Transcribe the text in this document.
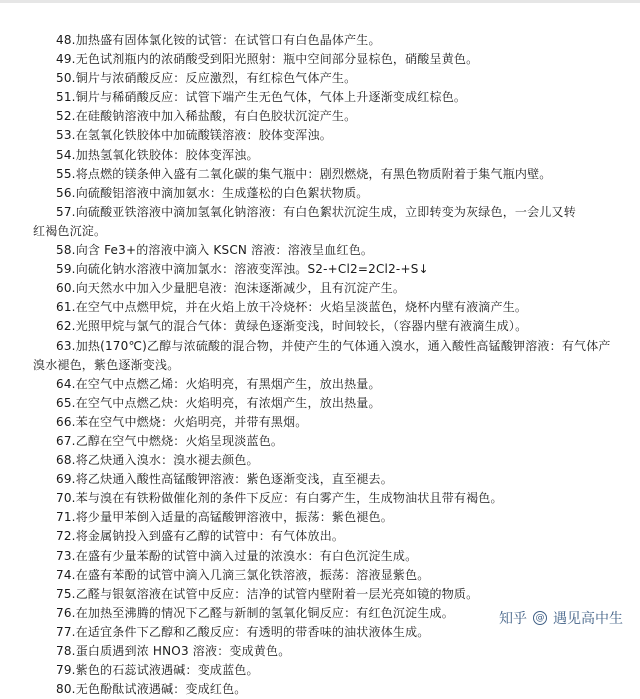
48.加热盛有固体氯化铵的试管：在试管口有白色晶体产生。
49.无色试剂瓶内的浓硝酸受到阳光照射：瓶中空间部分显棕色，硝酸呈黄色。
50.铜片与浓硝酸反应：反应激烈，有红棕色气体产生。
51.铜片与稀硝酸反应：试管下端产生无色气体，气体上升逐渐变成红棕色。
52.在硅酸钠溶液中加入稀盐酸，有白色胶状沉淀产生。
53.在氢氧化铁胶体中加硫酸镁溶液：胶体变浑浊。
54.加热氢氧化铁胶体：胶体变浑浊。
55.将点燃的镁条伸入盛有二氧化碳的集气瓶中：剧烈燃烧，有黑色物质附着于集气瓶内壁。
56.向硫酸铝溶液中滴加氨水：生成蓬松的白色絮状物质。
57.向硫酸亚铁溶液中滴加氢氧化钠溶液：有白色絮状沉淀生成，立即转变为灰绿色，一会儿又转
红褐色沉淀。
58.向含 Fe3+的溶液中滴入 KSCN 溶液：溶液呈血红色。
59.向硫化钠水溶液中滴加氯水：溶液变浑浊。S2-+Cl2=2Cl2-+S↓
60.向天然水中加入少量肥皂液：泡沫逐渐减少，且有沉淀产生。
61.在空气中点燃甲烷，并在火焰上放干冷烧杯：火焰呈淡蓝色，烧杯内壁有液滴产生。
62.光照甲烷与氯气的混合气体：黄绿色逐渐变浅，时间较长，（容器内壁有液滴生成）。
63.加热(170℃)乙醇与浓硫酸的混合物，并使产生的气体通入溴水，通入酸性高锰酸钾溶液：有气体产
溴水褪色，紫色逐渐变浅。
64.在空气中点燃乙烯：火焰明亮，有黑烟产生，放出热量。
65.在空气中点燃乙炔：火焰明亮，有浓烟产生，放出热量。
66.苯在空气中燃烧：火焰明亮，并带有黑烟。
67.乙醇在空气中燃烧：火焰呈现淡蓝色。
68.将乙炔通入溴水：溴水褪去颜色。
69.将乙炔通入酸性高锰酸钾溶液：紫色逐渐变浅，直至褪去。
70.苯与溴在有铁粉做催化剂的条件下反应：有白雾产生，生成物油状且带有褐色。
71.将少量甲苯倒入适量的高锰酸钾溶液中，振荡：紫色褪色。
72.将金属钠投入到盛有乙醇的试管中：有气体放出。
73.在盛有少量苯酚的试管中滴入过量的浓溴水：有白色沉淀生成。
74.在盛有苯酚的试管中滴入几滴三氯化铁溶液，振荡：溶液显紫色。
75.乙醛与银氨溶液在试管中反应：洁净的试管内壁附着一层光亮如镜的物质。
76.在加热至沸腾的情况下乙醛与新制的氢氧化铜反应：有红色沉淀生成。
77.在适宜条件下乙醇和乙酸反应：有透明的带香味的油状液体生成。
78.蛋白质遇到浓 HNO3 溶液：变成黄色。
79.紫色的石蕊试液遇碱：变成蓝色。
80.无色酚酞试液遇碱：变成红色。
知乎 @ 遇见高中生
